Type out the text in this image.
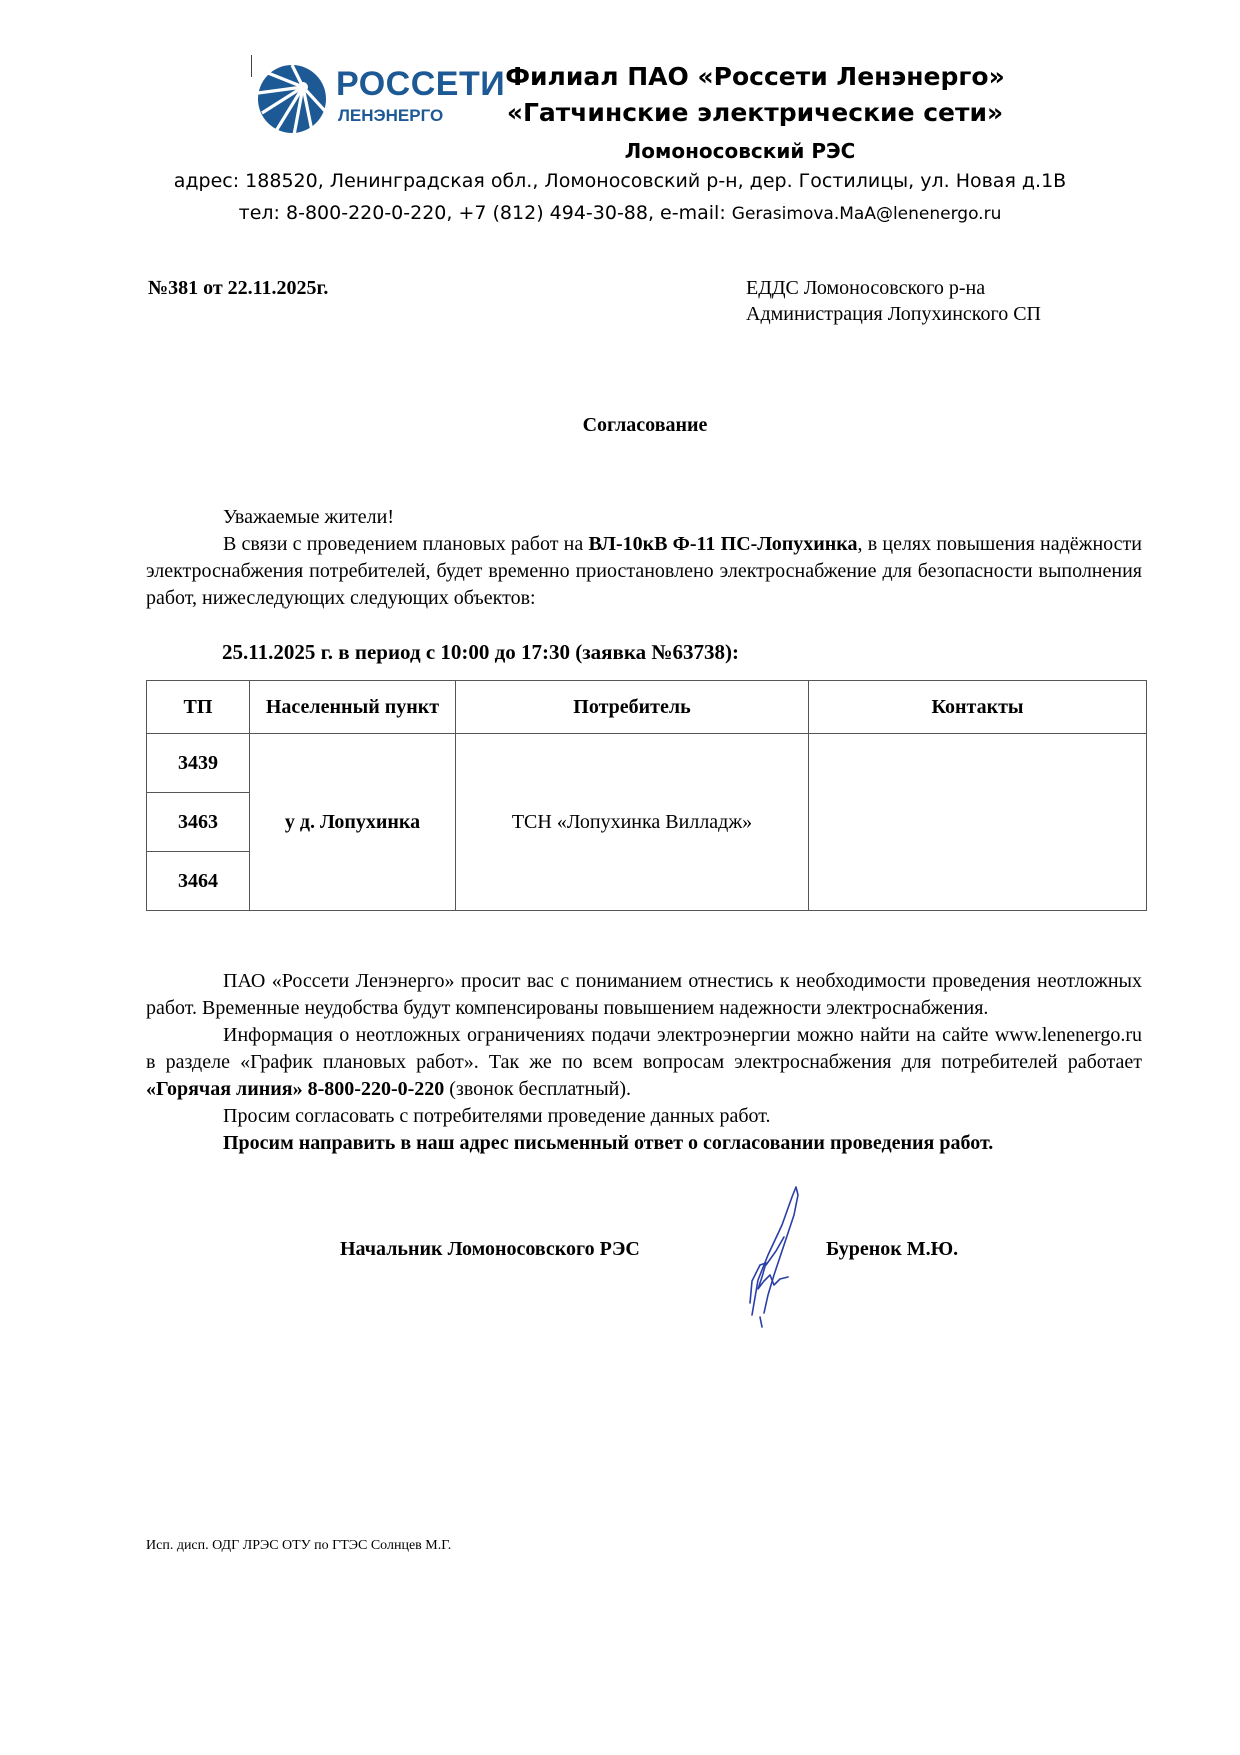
РОССЕТИ
ЛЕНЭНЕРГО
Филиал ПАО «Россети Ленэнерго»
«Гатчинские электрические сети»
Ломоносовский РЭС
адрес: 188520, Ленинградская обл., Ломоносовский р-н, дер. Гостилицы, ул. Новая д.1В
тел: 8-800-220-0-220, +7 (812) 494-30-88, e-mail: Gerasimova.MaA@lenenergo.ru
№381 от 22.11.2025г.	ЕДДС Ломоносовского р-на
Администрация Лопухинского СП
Согласование
Уважаемые жители!
В связи с проведением плановых работ на ВЛ-10кВ Ф-11 ПС-Лопухинка, в целях повышения надёжности электроснабжения потребителей, будет временно приостановлено электроснабжение для безопасности выполнения работ, нижеследующих следующих объектов:
25.11.2025 г. в период с 10:00 до 17:30 (заявка №63738):
ТП	Населенный пункт	Потребитель	Контакты
3439	у д. Лопухинка	ТСН «Лопухинка Вилладж»	
3463			
3464			
ПАО «Россети Ленэнерго» просит вас с пониманием отнестись к необходимости проведения неотложных работ. Временные неудобства будут компенсированы повышением надежности электроснабжения.
Информация о неотложных ограничениях подачи электроэнергии можно найти на сайте www.lenenergo.ru в разделе «График плановых работ». Так же по всем вопросам электроснабжения для потребителей работает «Горячая линия» 8-800-220-0-220 (звонок бесплатный).
Просим согласовать с потребителями проведение данных работ.
Просим направить в наш адрес письменный ответ о согласовании проведения работ.
Начальник Ломоносовского РЭС	Буренок М.Ю.
Исп. дисп. ОДГ ЛРЭС ОТУ по ГТЭС Солнцев М.Г.
